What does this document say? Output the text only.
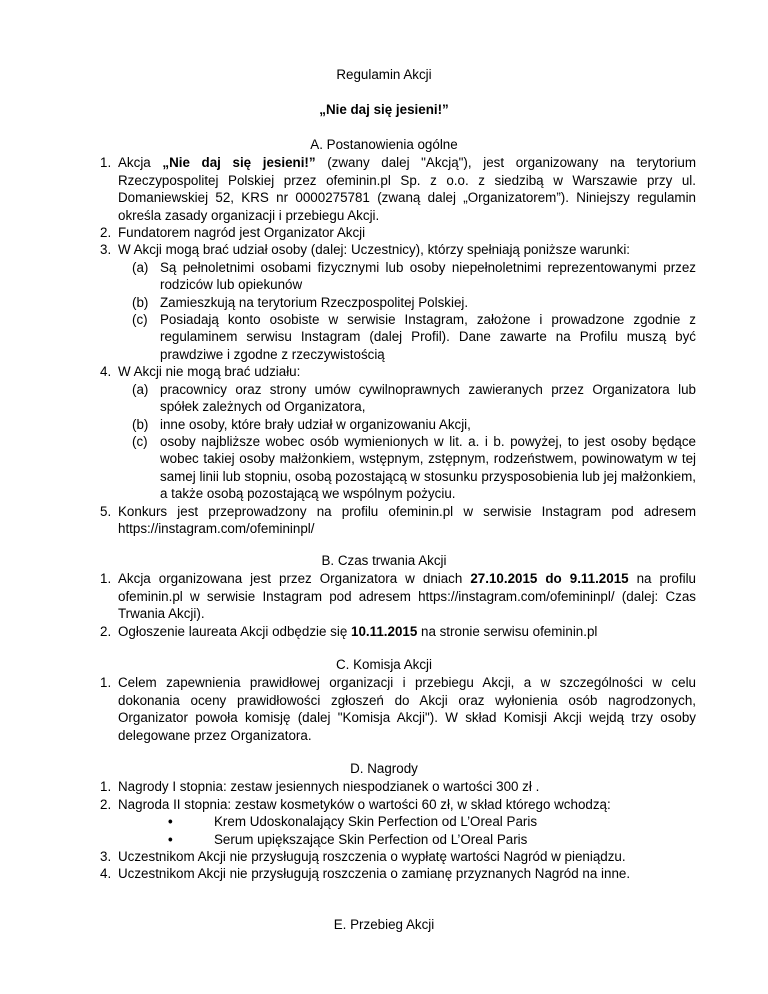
Regulamin Akcji
„Nie daj się jesieni!”
A. Postanowienia ogólne
1. Akcja „Nie daj się jesieni!” (zwany dalej "Akcją"), jest organizowany na terytorium Rzeczypospolitej Polskiej przez ofeminin.pl Sp. z o.o. z siedzibą w Warszawie przy ul. Domaniewskiej 52, KRS nr 0000275781 (zwaną dalej „Organizatorem”). Niniejszy regulamin określa zasady organizacji i przebiegu Akcji.
2. Fundatorem nagród jest Organizator Akcji
3. W Akcji mogą brać udział osoby (dalej: Uczestnicy), którzy spełniają poniższe warunki:
(a) Są pełnoletnimi osobami fizycznymi lub osoby niepełnoletnimi reprezentowanymi przez rodziców lub opiekunów
(b) Zamieszkują na terytorium Rzeczpospolitej Polskiej.
(c) Posiadają konto osobiste w serwisie Instagram, założone i prowadzone zgodnie z regulaminem serwisu Instagram (dalej Profil). Dane zawarte na Profilu muszą być prawdziwe i zgodne z rzeczywistością
4. W Akcji nie mogą brać udziału:
(a) pracownicy oraz strony umów cywilnoprawnych zawieranych przez Organizatora lub spółek zależnych od Organizatora,
(b) inne osoby, które brały udział w organizowaniu Akcji,
(c) osoby najbliższe wobec osób wymienionych w lit. a. i b. powyżej, to jest osoby będące wobec takiej osoby małżonkiem, wstępnym, zstępnym, rodzeństwem, powinowatym w tej samej linii lub stopniu, osobą pozostającą w stosunku przysposobienia lub jej małżonkiem, a także osobą pozostającą we wspólnym pożyciu.
5. Konkurs jest przeprowadzony na profilu ofeminin.pl w serwisie Instagram pod adresem https://instagram.com/ofemininpl/
B. Czas trwania Akcji
1. Akcja organizowana jest przez Organizatora w dniach 27.10.2015 do 9.11.2015 na profilu ofeminin.pl w serwisie Instagram pod adresem https://instagram.com/ofemininpl/ (dalej: Czas Trwania Akcji).
2. Ogłoszenie laureata Akcji odbędzie się 10.11.2015 na stronie serwisu ofeminin.pl
C. Komisja Akcji
1. Celem zapewnienia prawidłowej organizacji i przebiegu Akcji, a w szczególności w celu dokonania oceny prawidłowości zgłoszeń do Akcji oraz wyłonienia osób nagrodzonych, Organizator powoła komisję (dalej "Komisja Akcji"). W skład Komisji Akcji wejdą trzy osoby delegowane przez Organizatora.
D. Nagrody
1. Nagrody I stopnia: zestaw jesiennych niespodzianek o wartości 300 zł .
2. Nagroda II stopnia: zestaw kosmetyków o wartości 60 zł, w skład którego wchodzą:
•	Krem Udoskonalający Skin Perfection od L’Oreal Paris
•	Serum upiększające Skin Perfection od L’Oreal Paris
3. Uczestnikom Akcji nie przysługują roszczenia o wypłatę wartości Nagród w pieniądzu.
4. Uczestnikom Akcji nie przysługują roszczenia o zamianę przyznanych Nagród na inne.
E. Przebieg Akcji
